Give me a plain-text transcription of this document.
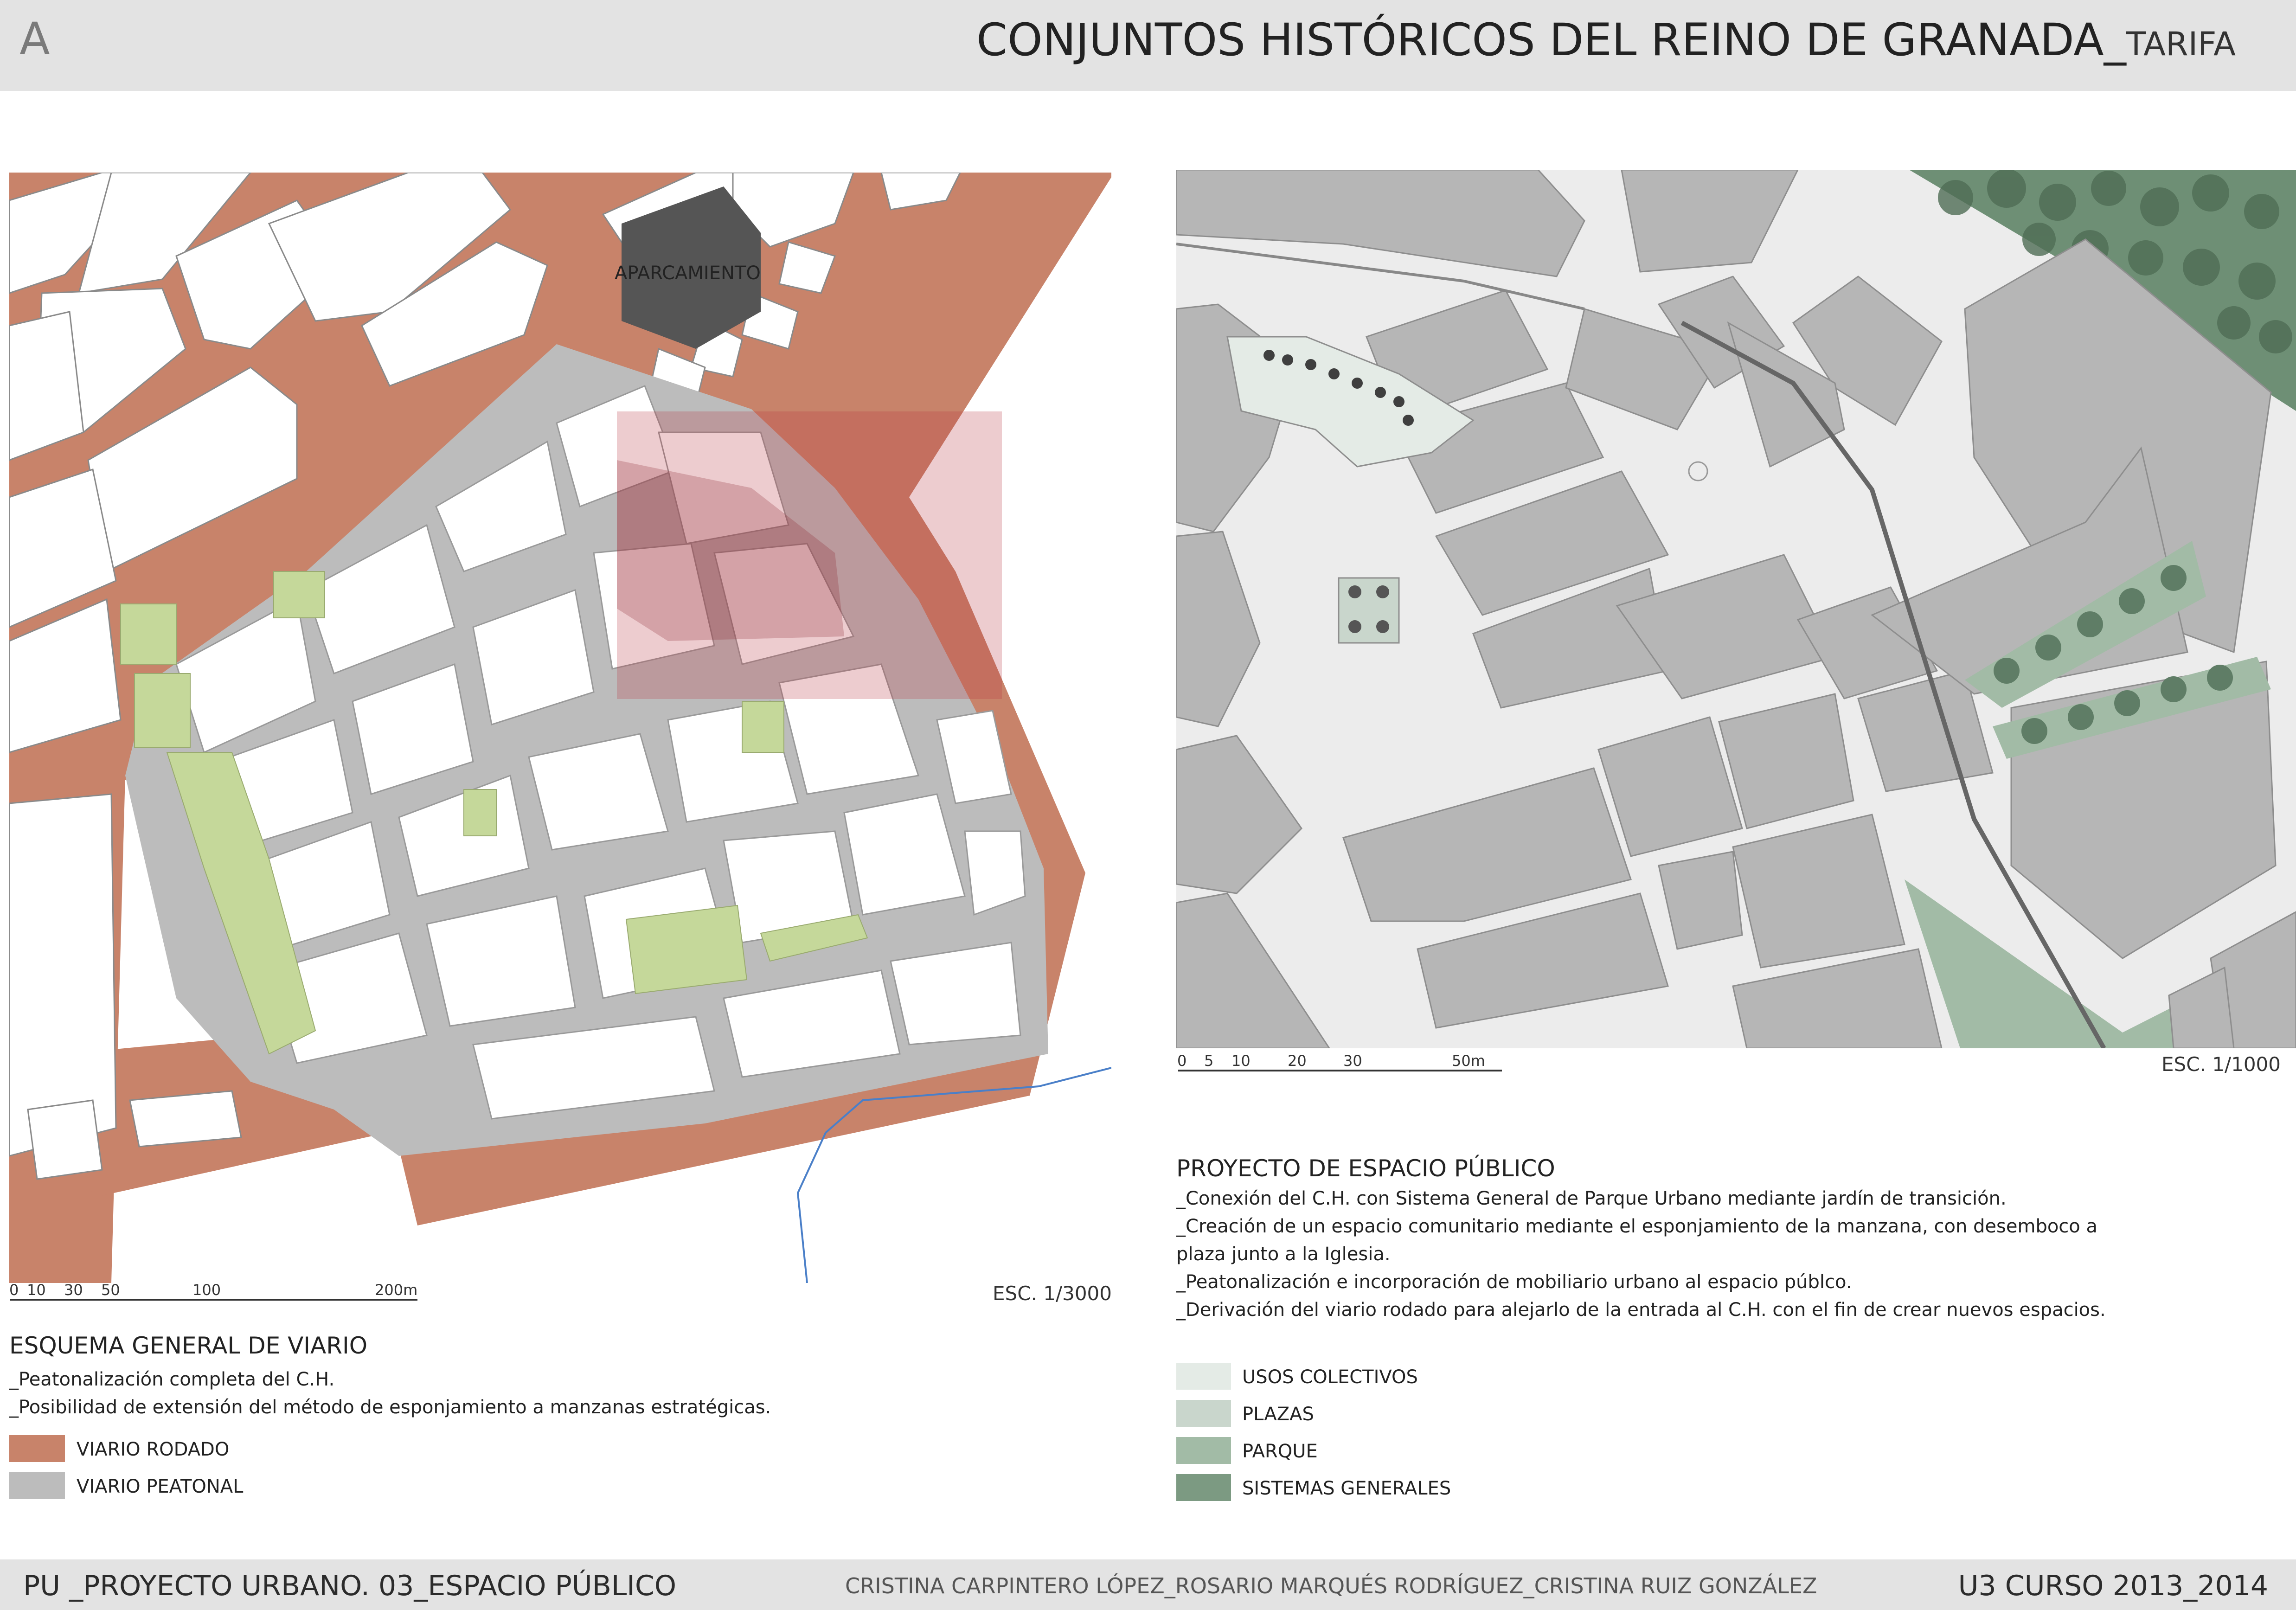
A	CONJUNTOS HISTÓRICOS DEL REINO DE GRANADA_TARIFA
APARCAMIENTO
0 10 30 50	100	200m	ESC. 1/3000
ESQUEMA GENERAL DE VIARIO
_Peatonalización completa del C.H.
_Posibilidad de extensión del método de esponjamiento a manzanas estratégicas.
VIARIO RODADO
VIARIO PEATONAL
0 5 10	20 30	50m	ESC. 1/1000
PROYECTO DE ESPACIO PÚBLICO
_Conexión del C.H. con Sistema General de Parque Urbano mediante jardín de transición.
_Creación de un espacio comunitario mediante el esponjamiento de la manzana, con desemboco a
plaza junto a la Iglesia.
_Peatonalización e incorporación de mobiliario urbano al espacio públco.
_Derivación del viario rodado para alejarlo de la entrada al C.H. con el fin de crear nuevos espacios.
USOS COLECTIVOS
PLAZAS
PARQUE
SISTEMAS GENERALES
PU _PROYECTO URBANO. 03_ESPACIO PÚBLICO	CRISTINA CARPINTERO LÓPEZ_ROSARIO MARQUÉS RODRÍGUEZ_CRISTINA RUIZ GONZÁLEZ	U3 CURSO 2013_2014
